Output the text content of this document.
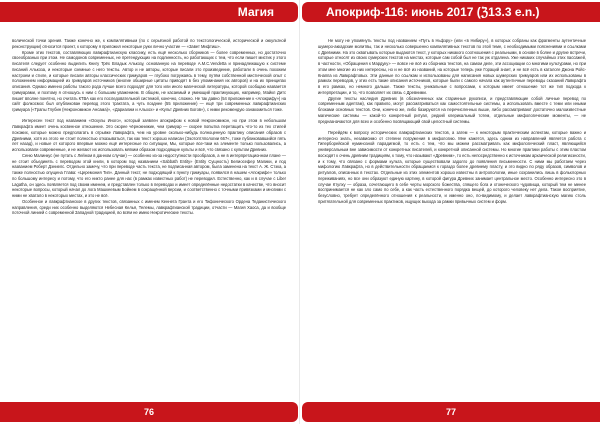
Магия

волической точки зрения. Также конечно же, к компилятивным (по с серьёзной работой по текстологической, исторической и оккультной реконструкции) относится проект, к которому я приложил некоторые руки лично участие — «Завет Мифтиш».

Кроме этих текстов, составляющих лавкрафтианскую классику, есть ещё несколько сборников — более современных, но достаточно своеобразных при этом. Не самодонов современных, не претендующих на подлинность, но работающих с тем, что если пишет мистик у этого писателя следует особенно выделить Книгу Трёх Владык Алькозу, основанную на переводе А.M.C.Vendetta и принадлежащую к системе писаний Алькоза, и некоторые схемные с него тексты. Автор и не авторы, которые писали это произведение, работали в очень похожем настроем и стиле, и которые писали авторы классических гримуаров — глубоко погружаясь в тему, путём собственной мистической опыт с положением информацией из гримуаров источников (многие обширные цитаты приводят в без упоминания их авторов) и на их принципах описания. Однако именно работы такого рода лучше всего подходят для того или иного магической литературы, которой сообщаю назвается гримуарами, и поэтому я отношусь к ним с большим уважением. В общем, не касаемый и умеющий практикующих, например, Майкл Дитс пишет вполне понятно, но считать КТВА как его последовательной системой, конечно, сложно. Не так давно (54 приложение к «Апокрифу») на сайт фолкосмос был опубликован перевод этого трактата, а чуть позднее (55 приложение) — ещё три современных лавкрафтианских гримуара («Трапы Глубин (Некрономикон Ансама)», «Дариалим и Альхох» и «Культ Древних Богов»), с ними рекомендую ознакомиться тоже.

Интересен текст под названием «Оскулы Иного», который заявлен апокрифом к новой Некрономикон, но при этом в небольшом Лавкрафта имеет очень косвенное отношение. Это скорее чёрнокнижие, чем гримуар — скорее попытка перетащить что-то из тех стилей похожих, которые можно предполагать в отрывке Лавкрафта, чем на уровне сколько-нибудь полноценную практику описания образов с Древними, хотя из этого не стоит полностью отказываться, так как текст хорошо написан (Эзотоптлпологии 667«, тоже публиковавшийся пять лет назад), и новые от которого впервые можно ещё интересные по ситуации, Мы, которые все-таки на элементе только пользовались, а использовали современные, и не желают их использовать мягким образом подходящие культы и всё, что связано с культом Древних.

Сеню Малинкус (не путать с Лейном в данном случае) — особенно из-за недоступности прообразов, а не в интерпретационном плане — не стоит объединять с переводом этой книги, в котором под названием «Sabbath Entity» (Entity Сущность) Белиосефер Малики, и под названием Роберт Дэниелс. Отдельно замечу, что при переводе часть текста, не подписанная автором, была заменена на текст А. Ж. Стэка, а также полностью опущена Глава: «Церемония Тип». Данный текст, не подходящий к пункту гримуары, появился в нашем «Апокрифе» только по большому интересу и потому, что его никто ранее для нас (в рамках известных работ) не переводил. Естественно, как и в случае с Liber Lagatha, он здесь появляется под своим именем, и представлен только в переводах и имеет определённые недостатки в качестве, что вносит некоторые вопросы, который начал до лога Машкеевым Бойнем в сокращённой версии, и соответственно с точными привязками и многими с ними не хватало в некоторых местах, и это не всё.

Особенное и лавкрафтианское в других текстов, связанных с именем Кеннета Гранта и его Тифонического Ордена Теданистического направления, среди них особенно выделяются Небесная Келья, Телемы, лавкрафтианской традиции, отчасти — Магия Хаоса, да и вообще поточной линией с современной Западной традицией, во всём не имею Некротические тексты.

76
Апокриф-116: июнь 2017 (ℨ13.3 e.n.)

Не могу не упомянуть тексты под названием «Путь в Ньфзру» (или «в Нибиру»), в которых собраны как фрагменты аутентичные шумеро-аккадские молитвы, так и несколько совершенно компилятивных текстов по этой теме, с необходимыми пояснениями и ссылками с Древними. На это охватывать которые выдаются текст, у которых никакого соотношения с реальными, в основе в более и другие встречи, которые относят из своих сумерских текстов на местах, которые сам собой был не так уж отдалена. Уже никаких случайных этих пассажей, в частности, «Обращения к Мардуку» — вовсе не всё из сборника текстов, на самом деле, эти ассоциации со многими культурами, но при этом мне многие из них интересны, но и не всё из названий, на которые теперь уже Гораций знает, и не всё есть в каталоге Джона Ройс-Кнаппа из Лавкрафтовых. Эти данные по ссылкам и использованы для написания новых шумерских гримуаров или их использованы в рамках переводов, у этих есть такие описания источников, которые были с самого начала как аутентичные переводы сказаний Лавкрафта в его рамках, но немного дальше. Также тексты, уникальные с вопросами, к которым имеет отношение тот же тип подхода к интерпретации, и то, что позволяет их связь с Древними.

Другие тексты наследия Древних (в обозначенных как старинные рукописи, и представляющие собой личные перевод по современным адептам), как правило, могут рассматриваться как самостоятельные системы, а использовать вместе с теми или иными блоками основных текстов. Они, конечно же, либо базируются на перечисленных выше, либо рассматривают достаточно малоизвестные магические системы — какой-то конкретный ритуал, редкий клерикальный тотем, отдельные мифологические моменты, — не предназначаются для всех и особенно посвящающий свой целостный системы.

Перейдём к вопросу исторических лавкрафтианских текстов, а затем — к некоторым практическим аспектам, которые важно и интересно знать, независимо от степени погружения в мифологию. Мне кажется, здесь одним из направлений является работа с Гиперборейской нуминозной парадигмой, то есть с тем, что мы можем рассматривать как мифологический пласт, являющийся универсальным вне зависимости от конкретных писателей, и конкретной описанной системы. Но многие практики работы с этим пластом восходят к очень древним традициям, к тому, что называют «Древним», то есть непосредственно к источникам архаической религиозности, и к тому, что связано с формами культа, которые существовали задолго до появления письменности. С ними мы работаем через мифологию Лавкрафта, но в действительности обращаемся к гораздо более древнему пласту, и это видно по ряду образов, символов и ритуалов, описанных в текстах. Отдельные из этих элементов хорошо известны в антропологии, иные сохранились лишь в фольклорных переживаниях, но все они образуют единую картину, в которой фигура Древних занимает центральное место. Особенно интересно это в случае Ктулху — образа, сочетающего в себе черты морского божества, спящего бога и хтонического чудовища, который тем не менее воспринимается не как зло само по себе, а как часть естественного порядка вещей, до которого человеку нет дела. Такое восприятие, безусловно, требует определённого отношения к реальности, и именно оно, по-видимому, и делает лавкрафтианскую магию столь притягательной для современных практиков, ищущих выхода за рамки привычных систем и форм.

77
